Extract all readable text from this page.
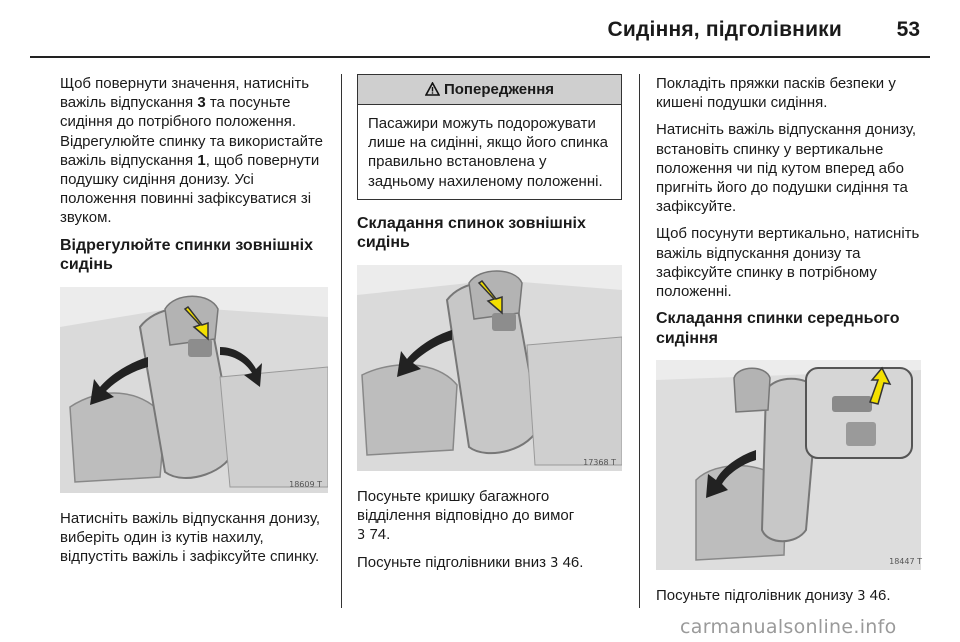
Сидіння, підголівники	53

Щоб повернути значення, натисніть важіль відпускання 3 та посуньте сидіння до потрібного положення. Відрегулюйте спинку та використайте важіль відпускання 1, щоб повернути подушку сидіння донизу. Усі положення повинні зафіксуватися зі звуком.

Відрегулюйте спинки зовнішніх сидінь
18609 T

Натисніть важіль відпускання донизу, виберіть один із кутів нахилу, відпустіть важіль і зафіксуйте спинку.

Попередження
Пасажири можуть подорожувати лише на сидінні, якщо його спинка правильно встановлена у задньому нахиленому положенні.
Складання спинок зовнішніх сидінь
17368 T

Посуньте кришку багажного відділення відповідно до вимог
3 74.

Посуньте підголівники вниз 3 46.

Покладіть пряжки пасків безпеки у кишені подушки сидіння.

Натисніть важіль відпускання донизу, встановіть спинку у вертикальне положення чи під кутом вперед або пригніть його до подушки сидіння та зафіксуйте.

Щоб посунути вертикально, натисніть важіль відпускання донизу та зафіксуйте спинку в потрібному положенні.

Складання спинки середнього сидіння
18447 T

Посуньте підголівник донизу 3 46.

carmanualsonline.info
